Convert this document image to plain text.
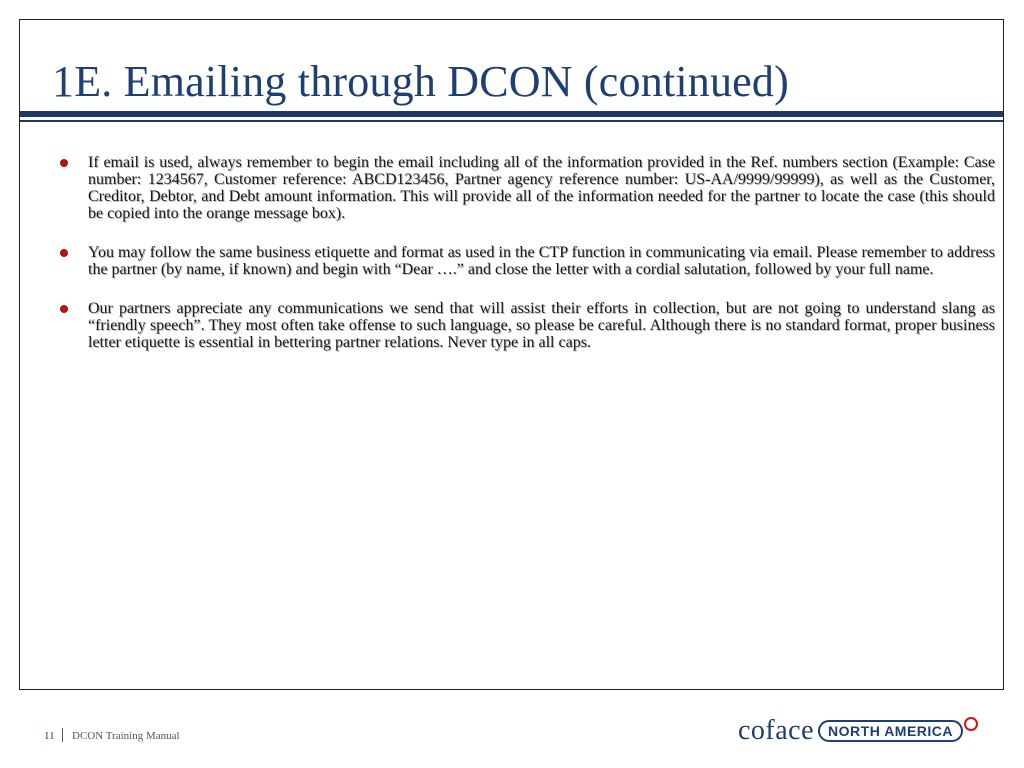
1E. Emailing through DCON (continued)
If email is used, always remember to begin the email including all of the information provided in the Ref. numbers section (Example: Case number: 1234567, Customer reference: ABCD123456, Partner agency reference number: US-AA/9999/99999), as well as the Customer, Creditor, Debtor, and Debt amount information. This will provide all of the information needed for the partner to locate the case (this should be copied into the orange message box).
You may follow the same business etiquette and format as used in the CTP function in communicating via email. Please remember to address the partner (by name, if known) and begin with “Dear ….” and close the letter with a cordial salutation, followed by your full name.
Our partners appreciate any communications we send that will assist their efforts in collection, but are not going to understand slang as “friendly speech”. They most often take offense to such language, so please be careful. Although there is no standard format, proper business letter etiquette is essential in bettering partner relations. Never type in all caps.
11 DCON Training Manual	coface	NORTH AMERICA
